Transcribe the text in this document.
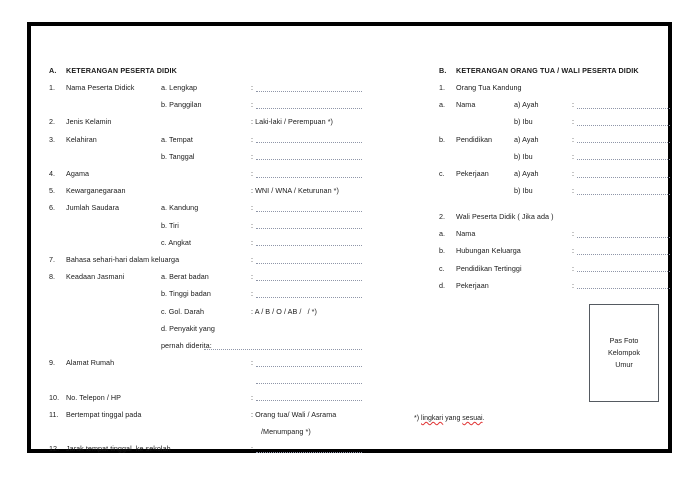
A. KETERANGAN PESERTA DIDIK
1. Nama Peserta Didick	a. Lengkap	:
b. Panggilan	:
2. Jenis Kelamin	: Laki-laki / Perempuan *)
3. Kelahiran	a. Tempat	:
b. Tanggal	:
4. Agama	:
5. Kewarganegaraan	: WNI / WNA / Keturunan *)
6. Jumlah Saudara	a. Kandung	:
b. Tiri	:
c. Angkat	:
7. Bahasa sehari-hari dalam keluarga	:
8. Keadaan Jasmani	a. Berat badan	:
b. Tinggi badan	:
c. Gol. Darah	: A / B / O / AB /   / *)
d. Penyakit yang
pernah diderita:
9. Alamat Rumah	:
10. No. Telepon / HP	:
11. Bertempat tinggal pada	: Orang tua/ Wali / Asrama
/Menumpang *)
12. Jarak tempat tinggal  ke sekolah	:
B. KETERANGAN ORANG TUA / WALI PESERTA DIDIK
1. Orang Tua Kandung
a. Nama	a) Ayah	:
b) Ibu	:
b. Pendidikan	a) Ayah	:
b) Ibu	:
c. Pekerjaan	a) Ayah	:
b) Ibu	:
2. Wali Peserta Didik ( Jika ada )
a. Nama	:
b. Hubungan Keluarga	:
c. Pendidikan Tertinggi	:
d. Pekerjaan	:
Pas Foto
Kelompok
Umur
*) lingkari yang sesuai.
